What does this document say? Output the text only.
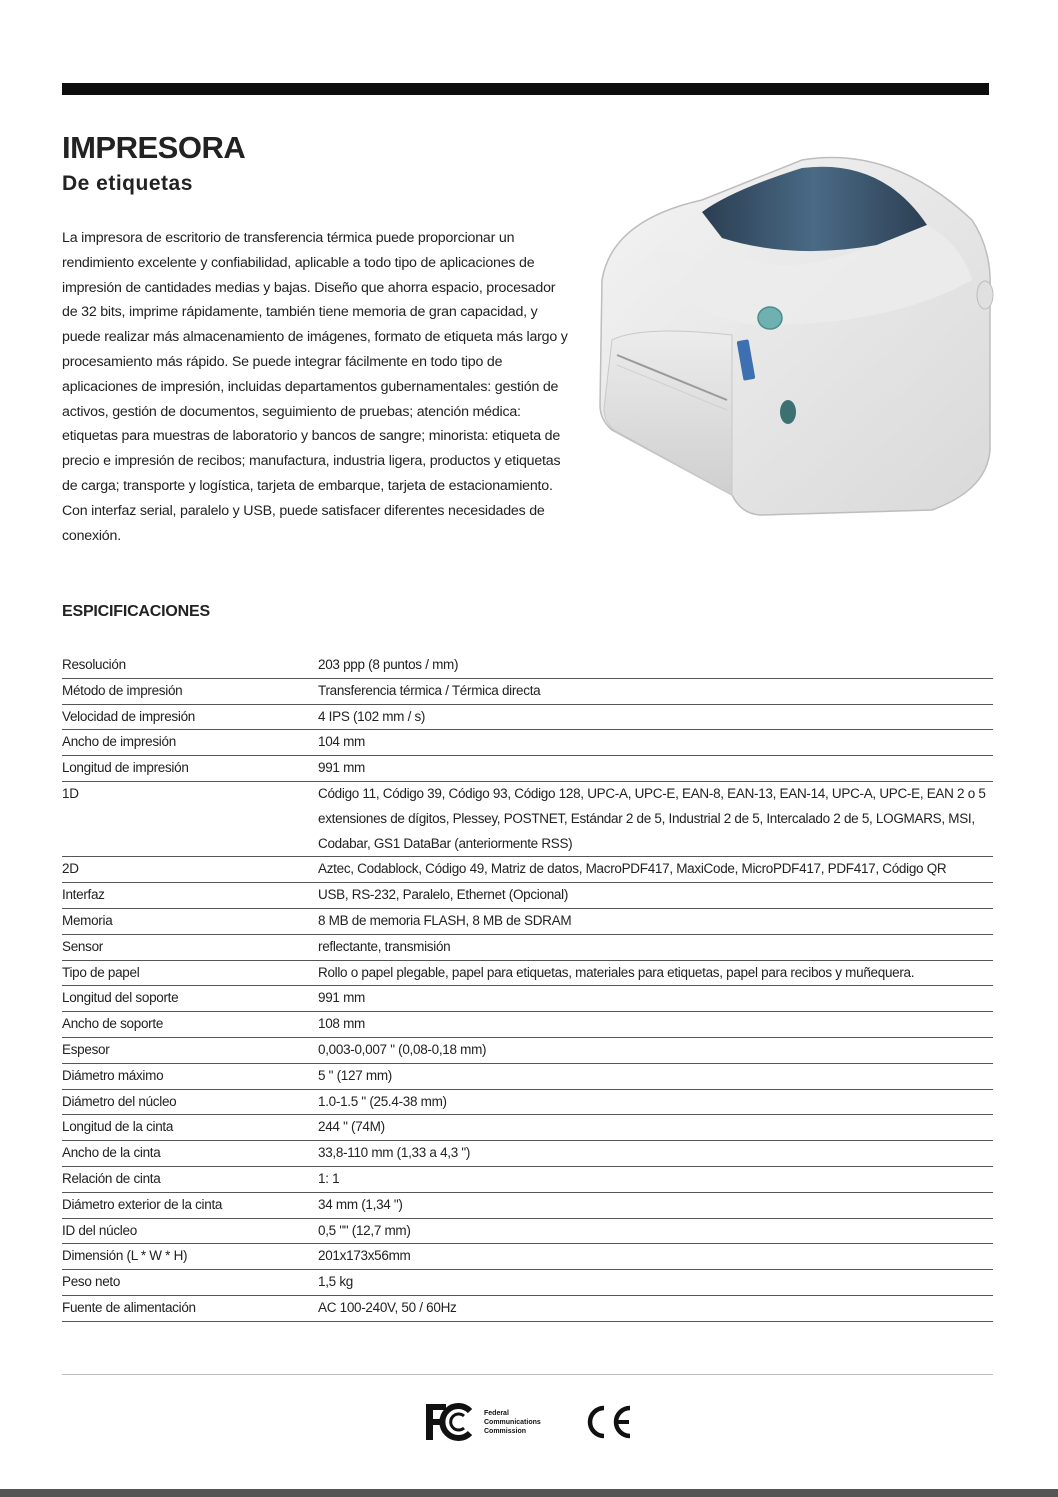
IMPRESORA
De etiquetas

La impresora de escritorio de transferencia térmica puede proporcionar un rendimiento excelente y confiabilidad, aplicable a todo tipo de aplicaciones de impresión de cantidades medias y bajas. Diseño que ahorra espacio, procesador de 32 bits, imprime rápidamente, también tiene memoria de gran capacidad, y puede realizar más almacenamiento de imágenes, formato de etiqueta más largo y procesamiento más rápido. Se puede integrar fácilmente en todo tipo de aplicaciones de impresión, incluidas departamentos gubernamentales: gestión de activos, gestión de documentos, seguimiento de pruebas; atención médica: etiquetas para muestras de laboratorio y bancos de sangre; minorista: etiqueta de precio e impresión de recibos; manufactura, industria ligera, productos y etiquetas de carga; transporte y logística, tarjeta de embarque, tarjeta de estacionamiento. Con interfaz serial, paralelo y USB, puede satisfacer diferentes necesidades de conexión.

ESPICIFICACIONES
Resolución	203 ppp (8 puntos / mm)
Método de impresión	Transferencia térmica / Térmica directa
Velocidad de impresión	4 IPS (102 mm / s)
Ancho de impresión	104 mm
Longitud de impresión	991 mm
1D	Código 11, Código 39, Código 93, Código 128, UPC-A, UPC-E, EAN-8, EAN-13, EAN-14, UPC-A, UPC-E, EAN 2 o 5 extensiones de dígitos, Plessey, POSTNET, Estándar 2 de 5, Industrial 2 de 5, Intercalado 2 de 5, LOGMARS, MSI, Codabar, GS1 DataBar (anteriormente RSS)
2D	Aztec, Codablock, Código 49, Matriz de datos, MacroPDF417, MaxiCode, MicroPDF417, PDF417, Código QR
Interfaz	USB, RS-232, Paralelo, Ethernet (Opcional)
Memoria	8 MB de memoria FLASH, 8 MB de SDRAM
Sensor	reflectante, transmisión
Tipo de papel	Rollo o papel plegable, papel para etiquetas, materiales para etiquetas, papel para recibos y muñequera.
Longitud del soporte	991 mm
Ancho de soporte	108 mm
Espesor	0,003-0,007 " (0,08-0,18 mm)
Diámetro máximo	5 " (127 mm)
Diámetro del núcleo	1.0-1.5 " (25.4-38 mm)
Longitud de la cinta	244 " (74M)
Ancho de la cinta	33,8-110 mm (1,33 a 4,3 ")
Relación de cinta	1: 1
Diámetro exterior de la cinta	34 mm (1,34 ")
ID del núcleo	0,5 "" (12,7 mm)
Dimensión (L * W * H)	201x173x56mm
Peso neto	1,5 kg
Fuente de alimentación	AC 100-240V, 50 / 60Hz
Federal
Communications
Commission
